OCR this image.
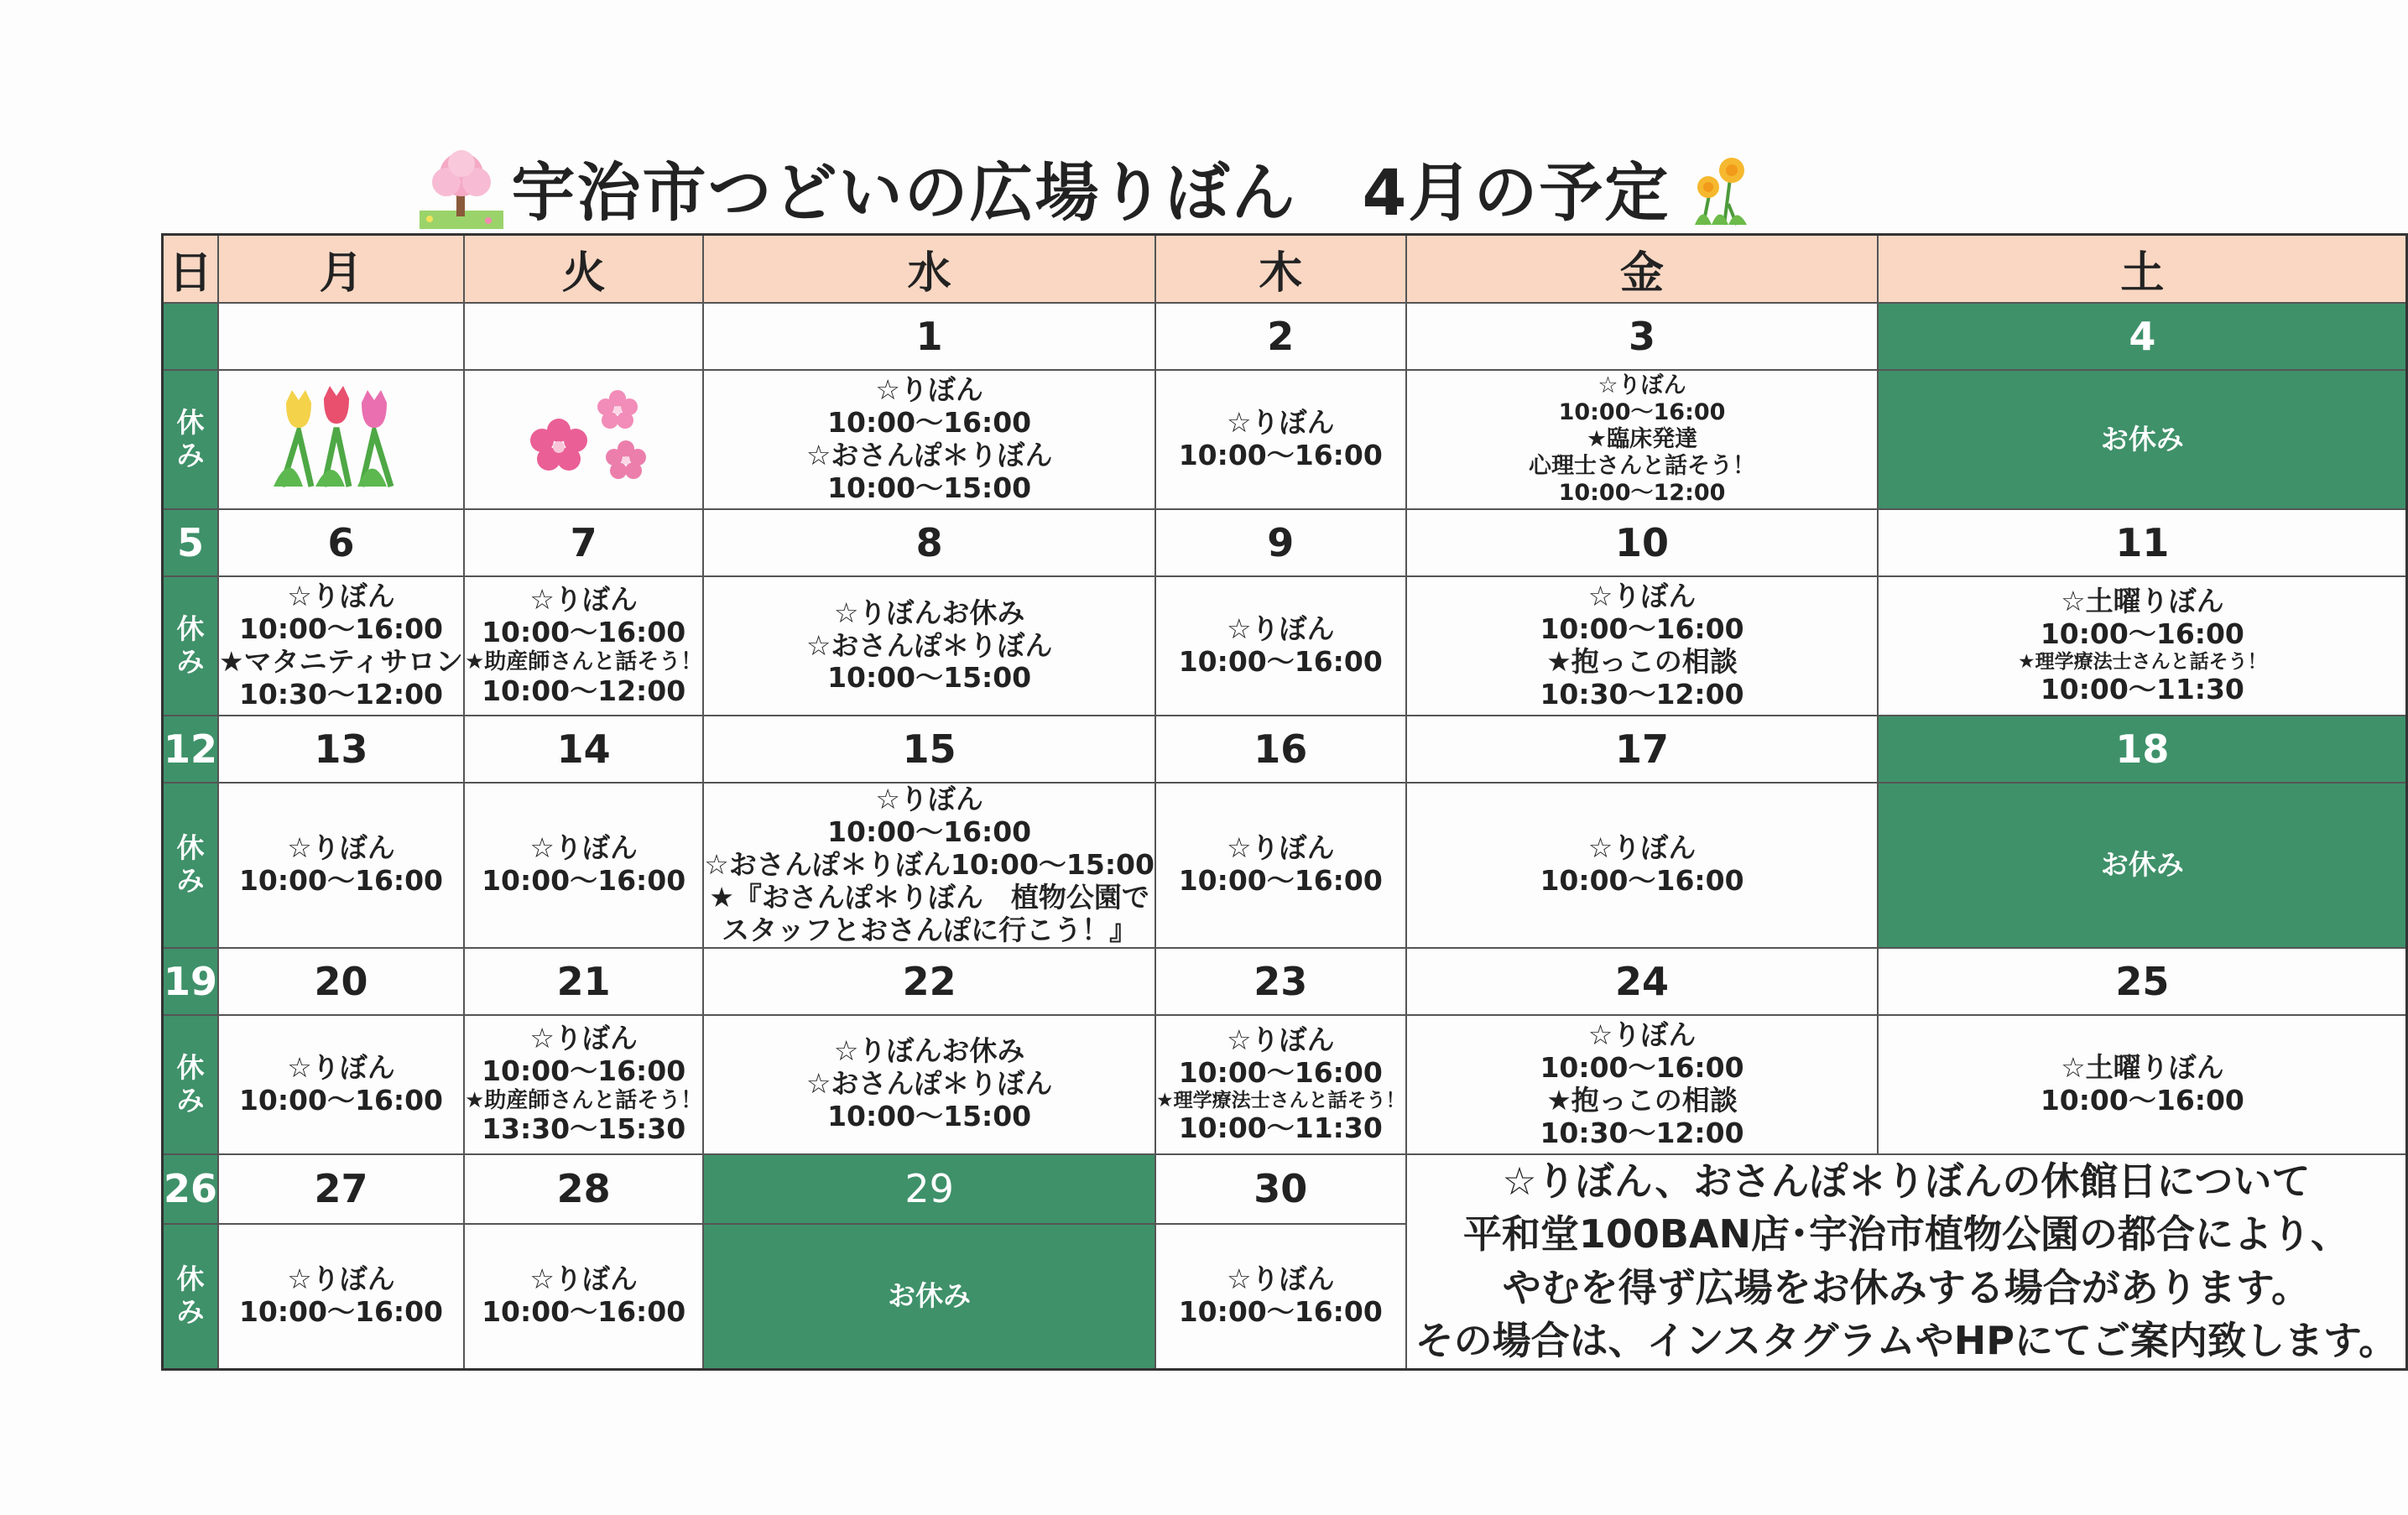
宇治市つどいの広場りぼん　4月の予定
日	月	火	水	木	金	土
			1	2	3	4
休み			☆りぼん
10:00～16:00
☆おさんぽ＊りぼん
10:00～15:00	☆りぼん
10:00～16:00	☆りぼん
10:00～16:00
★臨床発達
心理士さんと話そう！
10:00～12:00	お休み
5	6	7	8	9	10	11
休み	☆りぼん
10:00～16:00
★マタニティサロン
10:30～12:00	☆りぼん
10:00～16:00
★助産師さんと話そう！
10:00～12:00	☆りぼんお休み
☆おさんぽ＊りぼん
10:00～15:00	☆りぼん
10:00～16:00	☆りぼん
10:00～16:00
★抱っこの相談
10:30～12:00	☆土曜りぼん
10:00～16:00
★理学療法士さんと話そう！
10:00～11:30

12	13	14	15	16	17	18
休み	☆りぼん
10:00～16:00	☆りぼん
10:00～16:00	☆りぼん
10:00～16:00
☆おさんぽ＊りぼん10:00～15:00
★『おさんぽ＊りぼん　植物公園で
スタッフとおさんぽに行こう！』	☆りぼん
10:00～16:00	☆りぼん
10:00～16:00	お休み
19	20	21	22	23	24	25
休み	☆りぼん
10:00～16:00	☆りぼん
10:00～16:00
★助産師さんと話そう！
13:30～15:30	☆りぼんお休み
☆おさんぽ＊りぼん
10:00～15:00	☆りぼん
10:00～16:00
★理学療法士さんと話そう！
10:00～11:30	☆りぼん
10:00～16:00
★抱っこの相談
10:30～12:00	☆土曜りぼん
10:00～16:00

26	27	28	29	30	☆りぼん、おさんぽ＊りぼんの休館日について
平和堂100BAN店･宇治市植物公園の都合により、
やむを得ず広場をお休みする場合があります。
その場合は、インスタグラムやHPにてご案内致します。	

休み	☆りぼん
10:00～16:00	☆りぼん
10:00～16:00	お休み	☆りぼん
10:00～16:00		
